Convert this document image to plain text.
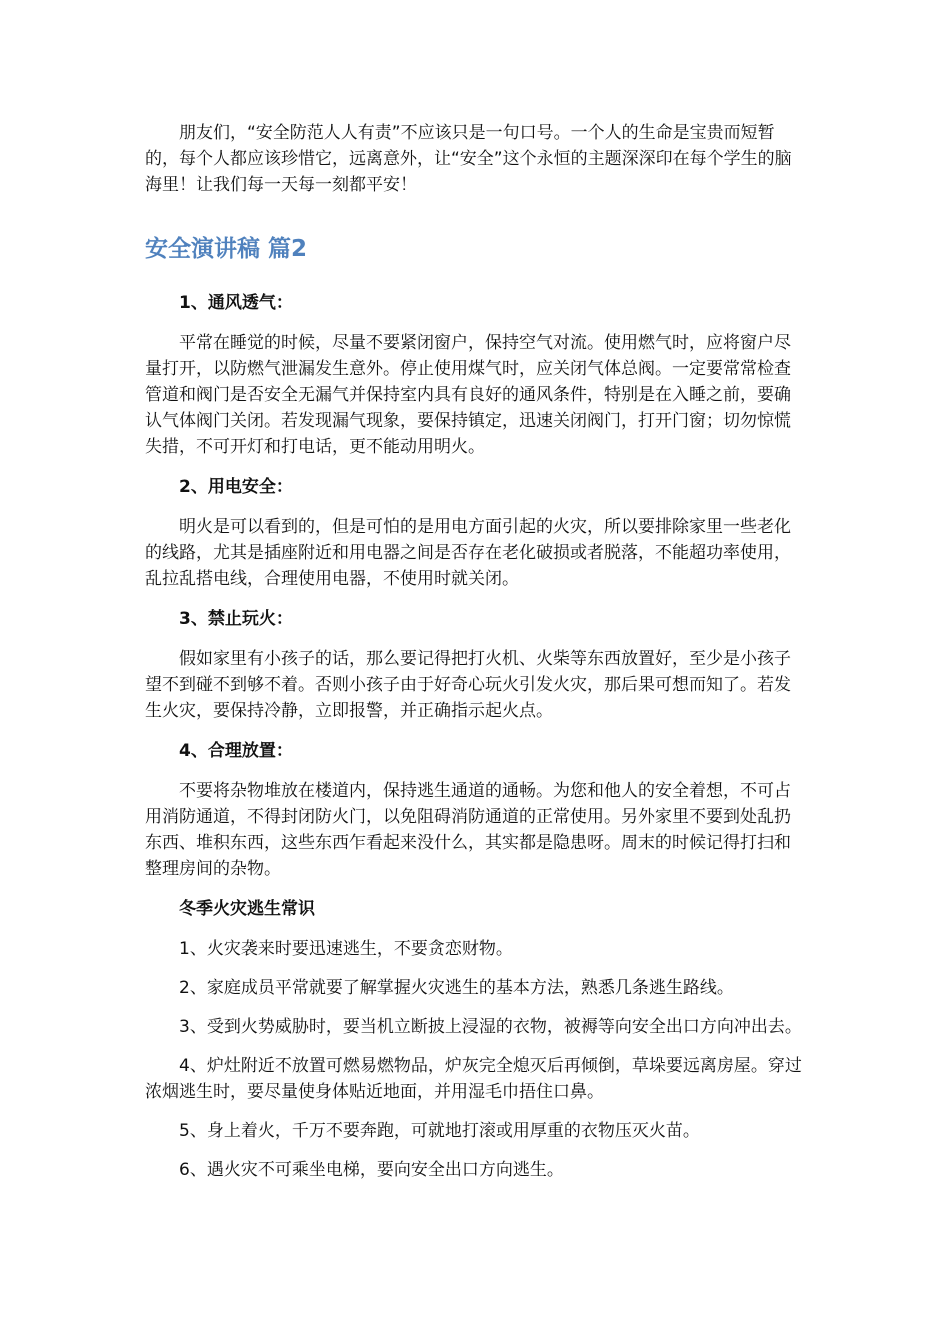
朋友们，“安全防范人人有责”不应该只是一句口号。一个人的生命是宝贵而短暂的，每个人都应该珍惜它，远离意外，让“安全”这个永恒的主题深深印在每个学生的脑海里！让我们每一天每一刻都平安！

安全演讲稿 篇2

1、通风透气：

平常在睡觉的时候，尽量不要紧闭窗户，保持空气对流。使用燃气时，应将窗户尽量打开，以防燃气泄漏发生意外。停止使用煤气时，应关闭气体总阀。一定要常常检查管道和阀门是否安全无漏气并保持室内具有良好的通风条件，特别是在入睡之前，要确认气体阀门关闭。若发现漏气现象，要保持镇定，迅速关闭阀门，打开门窗；切勿惊慌失措，不可开灯和打电话，更不能动用明火。

2、用电安全：

明火是可以看到的，但是可怕的是用电方面引起的火灾，所以要排除家里一些老化的线路，尤其是插座附近和用电器之间是否存在老化破损或者脱落，不能超功率使用，乱拉乱搭电线，合理使用电器，不使用时就关闭。

3、禁止玩火：

假如家里有小孩子的话，那么要记得把打火机、火柴等东西放置好，至少是小孩子望不到碰不到够不着。否则小孩子由于好奇心玩火引发火灾，那后果可想而知了。若发生火灾，要保持冷静，立即报警，并正确指示起火点。

4、合理放置：

不要将杂物堆放在楼道内，保持逃生通道的通畅。为您和他人的安全着想，不可占用消防通道，不得封闭防火门，以免阻碍消防通道的正常使用。另外家里不要到处乱扔东西、堆积东西，这些东西乍看起来没什么，其实都是隐患呀。周末的时候记得打扫和整理房间的杂物。

冬季火灾逃生常识

1、火灾袭来时要迅速逃生，不要贪恋财物。

2、家庭成员平常就要了解掌握火灾逃生的基本方法，熟悉几条逃生路线。

3、受到火势威胁时，要当机立断披上浸湿的衣物，被褥等向安全出口方向冲出去。

4、炉灶附近不放置可燃易燃物品，炉灰完全熄灭后再倾倒，草垛要远离房屋。穿过浓烟逃生时，要尽量使身体贴近地面，并用湿毛巾捂住口鼻。

5、身上着火，千万不要奔跑，可就地打滚或用厚重的衣物压灭火苗。

6、遇火灾不可乘坐电梯，要向安全出口方向逃生。
